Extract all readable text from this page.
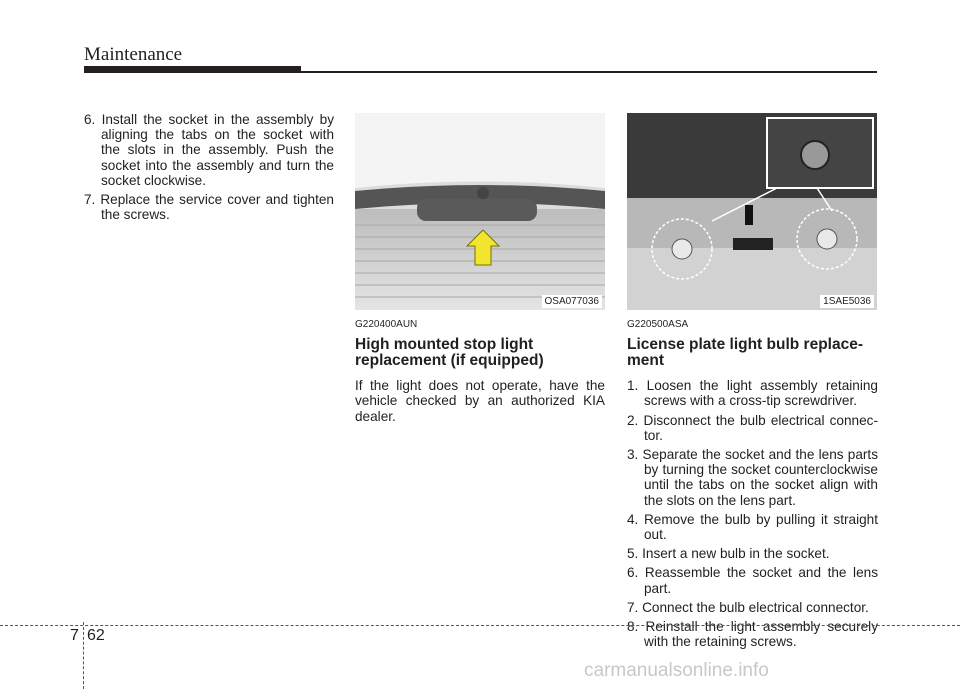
Maintenance

6. Install the socket in the assembly by aligning the tabs on the socket with the slots in the assembly. Push the socket into the assembly and turn the socket clockwise.

7. Replace the service cover and tighten the screws.

OSA077036	1SAE5036
G220400AUN
High mounted stop light replacement (if equipped)

If the light does not operate, have the vehicle checked by an authorized KIA dealer.

G220500ASA
License plate light bulb replace-ment

1. Loosen the light assembly retaining screws with a cross-tip screwdriver.

2. Disconnect the bulb electrical connec-tor.

3. Separate the socket and the lens parts by turning the socket counterclockwise until the tabs on the socket align with the slots on the lens part.

4. Remove the bulb by pulling it straight out.

5. Insert a new bulb in the socket.

6. Reassemble the socket and the lens part.

7. Connect the bulb electrical connector.

8. Reinstall the light assembly securely with the retaining screws.

7 62
carmanualsonline.info
